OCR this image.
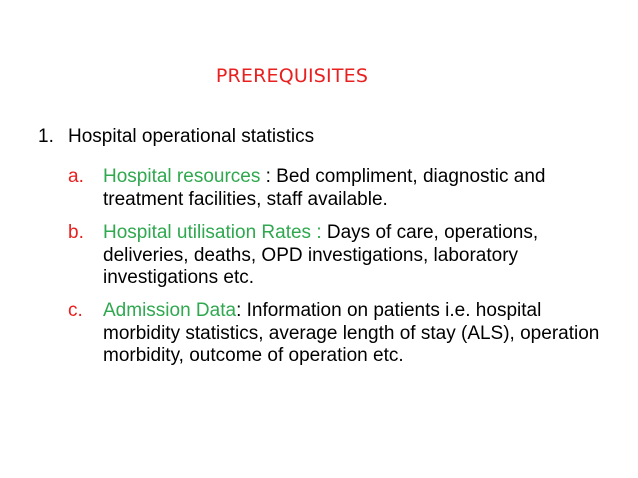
PREREQUISITES
1. Hospital operational statistics
a. Hospital resources : Bed compliment, diagnostic and treatment facilities, staff available.
b. Hospital utilisation Rates : Days of care, operations, deliveries, deaths, OPD investigations, laboratory investigations etc.
c. Admission Data: Information on patients i.e. hospital morbidity statistics, average length of stay (ALS), operation morbidity, outcome of operation etc.
